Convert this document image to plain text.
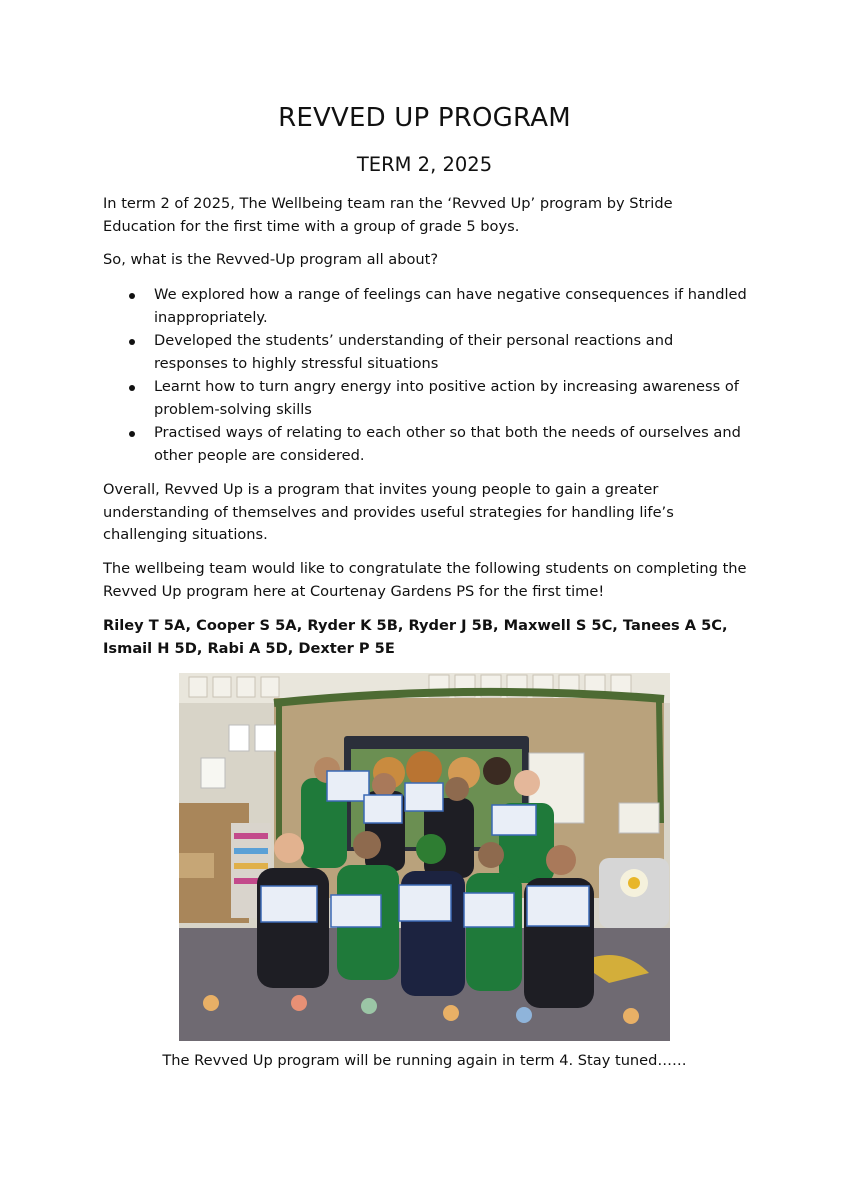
REVVED UP PROGRAM
TERM 2, 2025

In term 2 of 2025, The Wellbeing team ran the ‘Revved Up’ program by Stride Education for the first time with a group of grade 5 boys.

So, what is the Revved-Up program all about?

We explored how a range of feelings can have negative consequences if handled inappropriately.
Developed the students’ understanding of their personal reactions and responses to highly stressful situations
Learnt how to turn angry energy into positive action by increasing awareness of problem-solving skills
Practised ways of relating to each other so that both the needs of ourselves and other people are considered.

Overall, Revved Up is a program that invites young people to gain a greater understanding of themselves and provides useful strategies for handling life’s challenging situations.

The wellbeing team would like to congratulate the following students on completing the Revved Up program here at Courtenay Gardens PS for the first time!

Riley T 5A, Cooper S 5A, Ryder K 5B, Ryder J 5B, Maxwell S 5C, Tanees A 5C, Ismail H 5D, Rabi A 5D, Dexter P 5E

The Revved Up program will be running again in term 4. Stay tuned……
